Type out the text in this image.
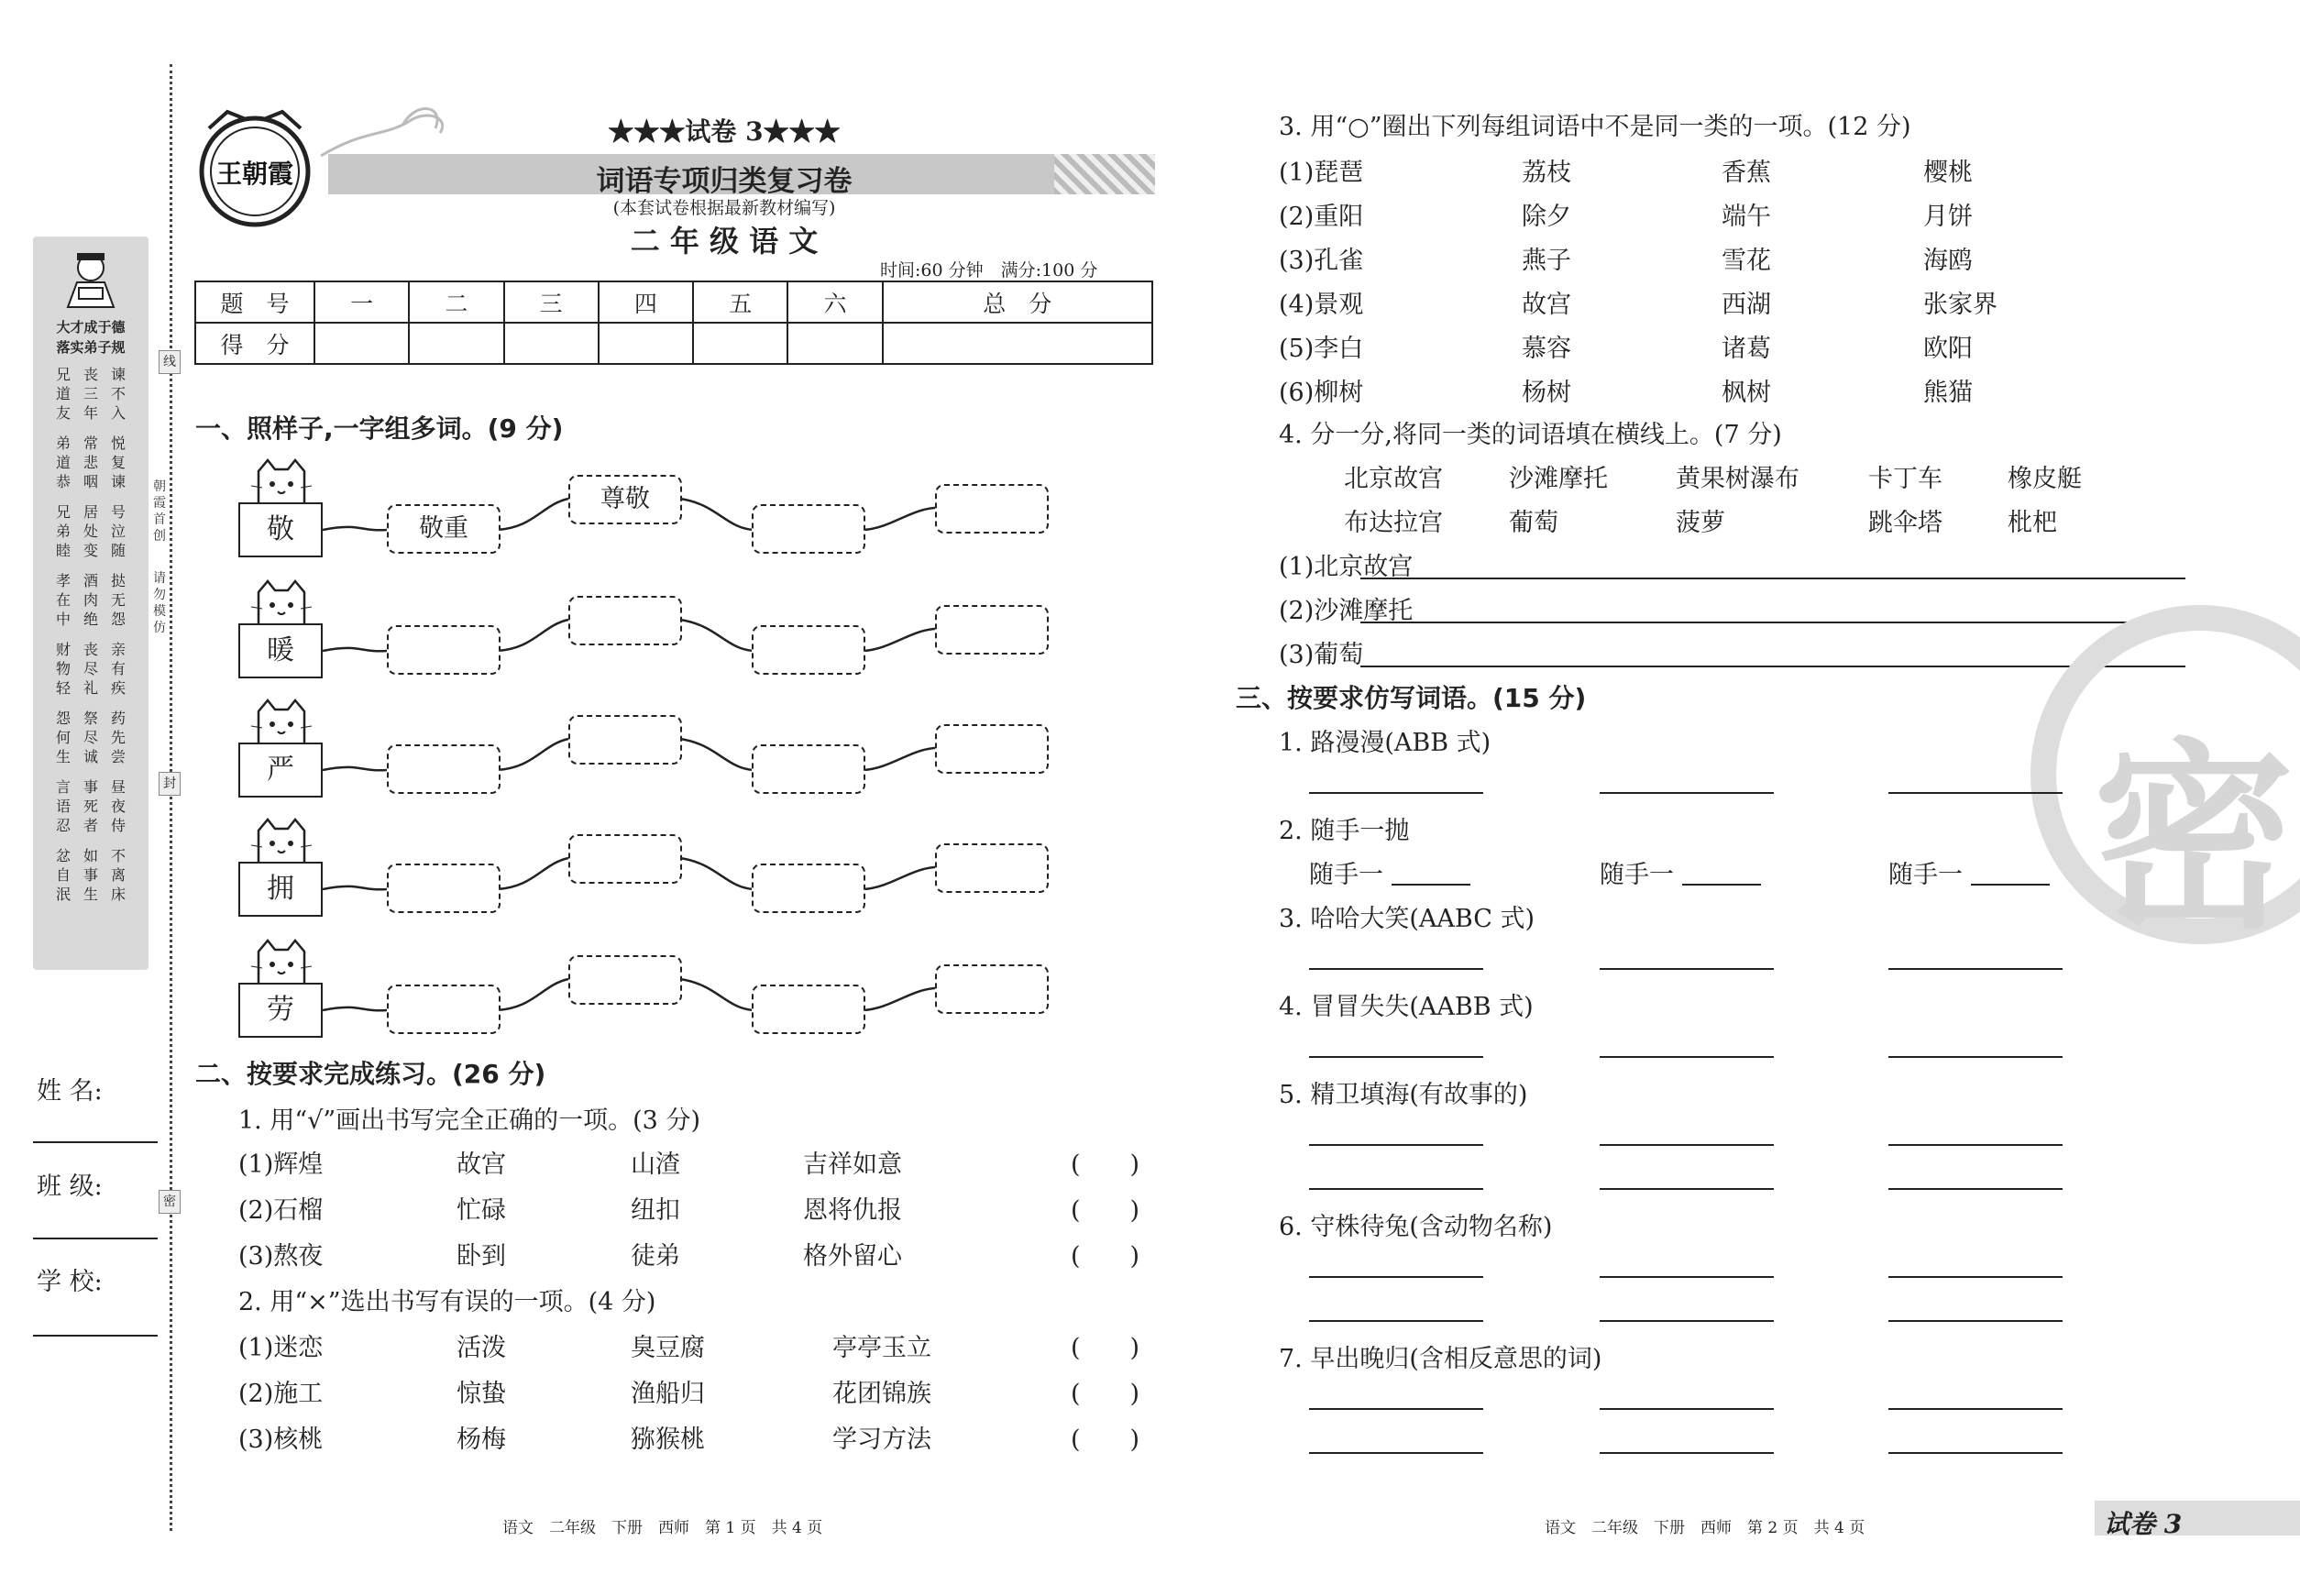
大才成于德
落实弟子规
兄
道
友
弟
道
恭
兄
弟
睦
孝
在
中
财
物
轻
怨
何
生
言
语
忍
忿
自
泯
丧
三
年
常
悲
咽
居
处
变
酒
肉
绝
丧
尽
礼
祭
尽
诚
事
死
者
如
事
生
谏
不
入
悦
复
谏
号
泣
随
挞
无
怨
亲
有
疾
药
先
尝
昼
夜
侍
不
离
床
朝霞首创
请勿模仿
线
封
密
姓 名:
班 级:
学 校:
王朝霞
★★★试卷 3★★★
词语专项归类复习卷
(本套试卷根据最新教材编写)
二 年 级 语 文
时间:60 分钟　满分:100 分
题　号	一	二	三	四	五	六	总　分
得　分							
一、照样子,一字组多词。(9 分)
敬	敬重
尊敬
暖
严
拥
劳
二、按要求完成练习。(26 分)
1. 用“√”画出书写完全正确的一项。(3 分)
(1)辉煌	故宫	山渣	吉祥如意	(　　)
(2)石榴	忙碌	纽扣	恩将仇报	(　　)
(3)熬夜	卧到	徒弟	格外留心	(　　)
2. 用“×”选出书写有误的一项。(4 分)
(1)迷恋	活泼	臭豆腐	亭亭玉立	(　　)
(2)施工	惊蛰	渔船归	花团锦族	(　　)
(3)核桃	杨梅	猕猴桃	学习方法	(　　)
3. 用“○”圈出下列每组词语中不是同一类的一项。(12 分)
(1)琵琶	荔枝	香蕉	樱桃
(2)重阳	除夕	端午	月饼
(3)孔雀	燕子	雪花	海鸥
(4)景观	故宫	西湖	张家界
(5)李白	慕容	诸葛	欧阳
(6)柳树	杨树	枫树	熊猫
4. 分一分,将同一类的词语填在横线上。(7 分)
北京故宫	沙滩摩托	黄果树瀑布	卡丁车	橡皮艇
布达拉宫	葡萄	菠萝	跳伞塔	枇杷
(1)北京故宫
(2)沙滩摩托
(3)葡萄
密
三、按要求仿写词语。(15 分)
1. 路漫漫(ABB 式)
2. 随手一抛
随手一	随手一	随手一
3. 哈哈大笑(AABC 式)
4. 冒冒失失(AABB 式)
5. 精卫填海(有故事的)
6. 守株待兔(含动物名称)
7. 早出晚归(含相反意思的词)
语文　二年级　下册　西师　第 1 页　共 4 页	语文　二年级　下册　西师　第 2 页　共 4 页	试卷 3
